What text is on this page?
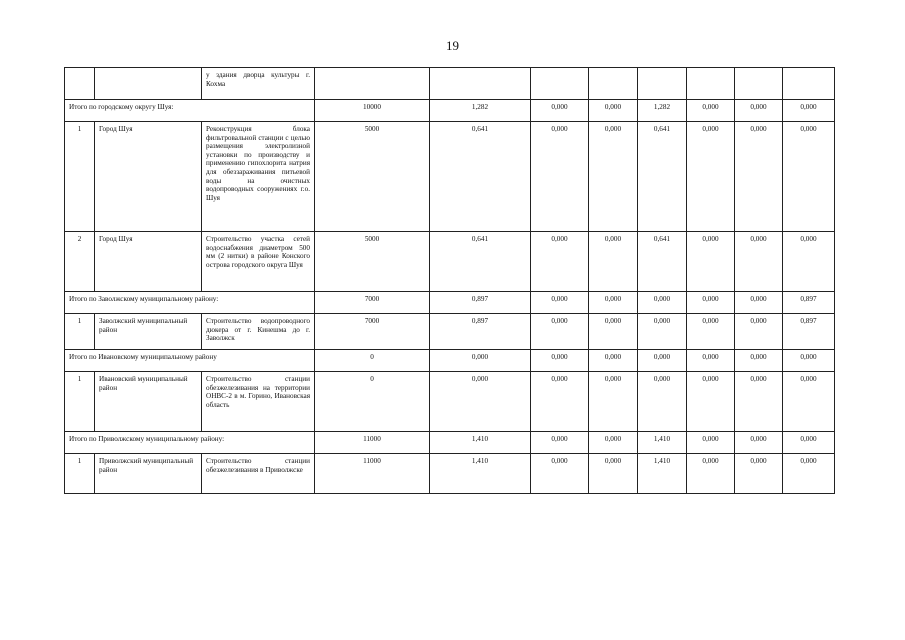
19
		у здания дворца культуры г. Кохма								
Итого по городскому округу Шуя:			10000	1,282	0,000	0,000	1,282	0,000	0,000	0,000
1	Город Шуя	Реконструкция блока фильтровальной станции с целью размещения электролизной установки по производству и применению гипохлорита натрия для обеззараживания питьевой воды на очистных водопроводных сооружениях г.о. Шуя	5000	0,641	0,000	0,000	0,641	0,000	0,000	0,000
2	Город Шуя	Строительство участка сетей водоснабжения диаметром 500 мм (2 нитки) в районе Конского острова городского округа Шуя	5000	0,641	0,000	0,000	0,641	0,000	0,000	0,000
Итого по Заволжскому муниципальному району:			7000	0,897	0,000	0,000	0,000	0,000	0,000	0,897
1	Заволжский муниципальный район	Строительство водопроводного дюкера от г. Кинешма до г. Заволжск	7000	0,897	0,000	0,000	0,000	0,000	0,000	0,897
Итого по Ивановскому муниципальному району			0	0,000	0,000	0,000	0,000	0,000	0,000	0,000
1	Ивановский муниципальный район	Строительство станции обезжелезивания на территории ОНВС-2 в м. Горино, Ивановская область	0	0,000	0,000	0,000	0,000	0,000	0,000	0,000
Итого по Приволжскому муниципальному району:			11000	1,410	0,000	0,000	1,410	0,000	0,000	0,000
1	Приволжский муниципальный район	Строительство станции обезжелезивания в Приволжске	11000	1,410	0,000	0,000	1,410	0,000	0,000	0,000
